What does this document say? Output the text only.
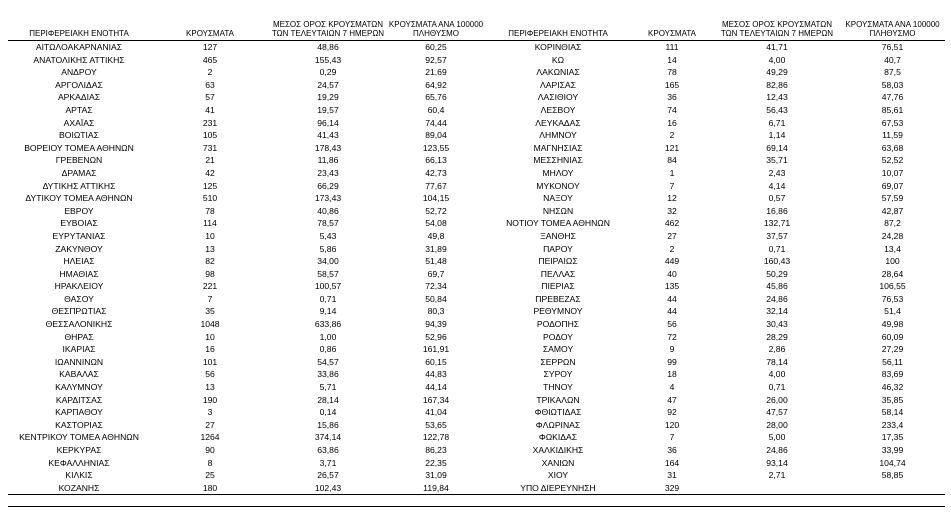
ΠΕΡΙΦΕΡΕΙΑΚΗ ΕΝΟΤΗΤΑ	ΚΡΟΥΣΜΑΤΑ	ΜΕΣΟΣ ΟΡΟΣ ΚΡΟΥΣΜΑΤΩΝ ΤΩΝ ΤΕΛΕΥΤΑΙΩΝ 7 ΗΜΕΡΩΝ	ΚΡΟΥΣΜΑΤΑ ΑΝΑ 100000 ΠΛΗΘΥΣΜΟ	ΠΕΡΙΦΕΡΕΙΑΚΗ ΕΝΟΤΗΤΑ	ΚΡΟΥΣΜΑΤΑ	ΜΕΣΟΣ ΟΡΟΣ ΚΡΟΥΣΜΑΤΩΝ ΤΩΝ ΤΕΛΕΥΤΑΙΩΝ 7 ΗΜΕΡΩΝ	ΚΡΟΥΣΜΑΤΑ ΑΝΑ 100000 ΠΛΗΘΥΣΜΟ
ΑΙΤΩΛΟΑΚΑΡΝΑΝΙΑΣ	127	48,86	60,25	ΚΟΡΙΝΘΙΑΣ	111	41,71	76,51
ΑΝΑΤΟΛΙΚΗΣ ΑΤΤΙΚΗΣ	465	155,43	92,57	ΚΩ	14	4,00	40,7
ΑΝΔΡΟΥ	2	0,29	21,69	ΛΑΚΩΝΙΑΣ	78	49,29	87,5
ΑΡΓΟΛΙΔΑΣ	63	24,57	64,92	ΛΑΡΙΣΑΣ	165	82,86	58,03
ΑΡΚΑΔΙΑΣ	57	19,29	65,76	ΛΑΣΙΘΙΟΥ	36	12,43	47,76
ΑΡΤΑΣ	41	19,57	60,4	ΛΕΣΒΟΥ	74	56,43	85,61
ΑΧΑΪΑΣ	231	96,14	74,44	ΛΕΥΚΑΔΑΣ	16	6,71	67,53
ΒΟΙΩΤΙΑΣ	105	41,43	89,04	ΛΗΜΝΟΥ	2	1,14	11,59
ΒΟΡΕΙΟΥ ΤΟΜΕΑ ΑΘΗΝΩΝ	731	178,43	123,55	ΜΑΓΝΗΣΙΑΣ	121	69,14	63,68
ΓΡΕΒΕΝΩΝ	21	11,86	66,13	ΜΕΣΣΗΝΙΑΣ	84	35,71	52,52
ΔΡΑΜΑΣ	42	23,43	42,73	ΜΗΛΟΥ	1	2,43	10,07
ΔΥΤΙΚΗΣ ΑΤΤΙΚΗΣ	125	66,29	77,67	ΜΥΚΟΝΟΥ	7	4,14	69,07
ΔΥΤΙΚΟΥ ΤΟΜΕΑ ΑΘΗΝΩΝ	510	173,43	104,15	ΝΑΞΟΥ	12	0,57	57,59
ΕΒΡΟΥ	78	40,86	52,72	ΝΗΣΩΝ	32	16,86	42,87
ΕΥΒΟΙΑΣ	114	78,57	54,08	ΝΟΤΙΟΥ ΤΟΜΕΑ ΑΘΗΝΩΝ	462	132,71	87,2
ΕΥΡΥΤΑΝΙΑΣ	10	5,43	49,8	ΞΑΝΘΗΣ	27	37,57	24,28
ΖΑΚΥΝΘΟΥ	13	5,86	31,89	ΠΑΡΟΥ	2	0,71	13,4
ΗΛΕΙΑΣ	82	34,00	51,48	ΠΕΙΡΑΙΩΣ	449	160,43	100
ΗΜΑΘΙΑΣ	98	58,57	69,7	ΠΕΛΛΑΣ	40	50,29	28,64
ΗΡΑΚΛΕΙΟΥ	221	100,57	72,34	ΠΙΕΡΙΑΣ	135	45,86	106,55
ΘΑΣΟΥ	7	0,71	50,84	ΠΡΕΒΕΖΑΣ	44	24,86	76,53
ΘΕΣΠΡΩΤΙΑΣ	35	9,14	80,3	ΡΕΘΥΜΝΟΥ	44	32,14	51,4
ΘΕΣΣΑΛΟΝΙΚΗΣ	1048	633,86	94,39	ΡΟΔΟΠΗΣ	56	30,43	49,98
ΘΗΡΑΣ	10	1,00	52,96	ΡΟΔΟΥ	72	28,29	60,09
ΙΚΑΡΙΑΣ	16	0,86	161,91	ΣΑΜΟΥ	9	2,86	27,29
ΙΩΑΝΝΙΝΩΝ	101	54,57	60,15	ΣΕΡΡΩΝ	99	78,14	56,11
ΚΑΒΑΛΑΣ	56	33,86	44,83	ΣΥΡΟΥ	18	4,00	83,69
ΚΑΛΥΜΝΟΥ	13	5,71	44,14	ΤΗΝΟΥ	4	0,71	46,32
ΚΑΡΔΙΤΣΑΣ	190	28,14	167,34	ΤΡΙΚΑΛΩΝ	47	26,00	35,85
ΚΑΡΠΑΘΟΥ	3	0,14	41,04	ΦΘΙΩΤΙΔΑΣ	92	47,57	58,14
ΚΑΣΤΟΡΙΑΣ	27	15,86	53,65	ΦΛΩΡΙΝΑΣ	120	28,00	233,4
ΚΕΝΤΡΙΚΟΥ ΤΟΜΕΑ ΑΘΗΝΩΝ	1264	374,14	122,78	ΦΩΚΙΔΑΣ	7	5,00	17,35
ΚΕΡΚΥΡΑΣ	90	63,86	86,23	ΧΑΛΚΙΔΙΚΗΣ	36	24,86	33,99
ΚΕΦΑΛΛΗΝΙΑΣ	8	3,71	22,35	ΧΑΝΙΩΝ	164	93,14	104,74
ΚΙΛΚΙΣ	25	26,57	31,09	ΧΙΟΥ	31	2,71	58,85
ΚΟΖΑΝΗΣ	180	102,43	119,84	ΥΠΟ ΔΙΕΡΕΥΝΗΣΗ	329		
